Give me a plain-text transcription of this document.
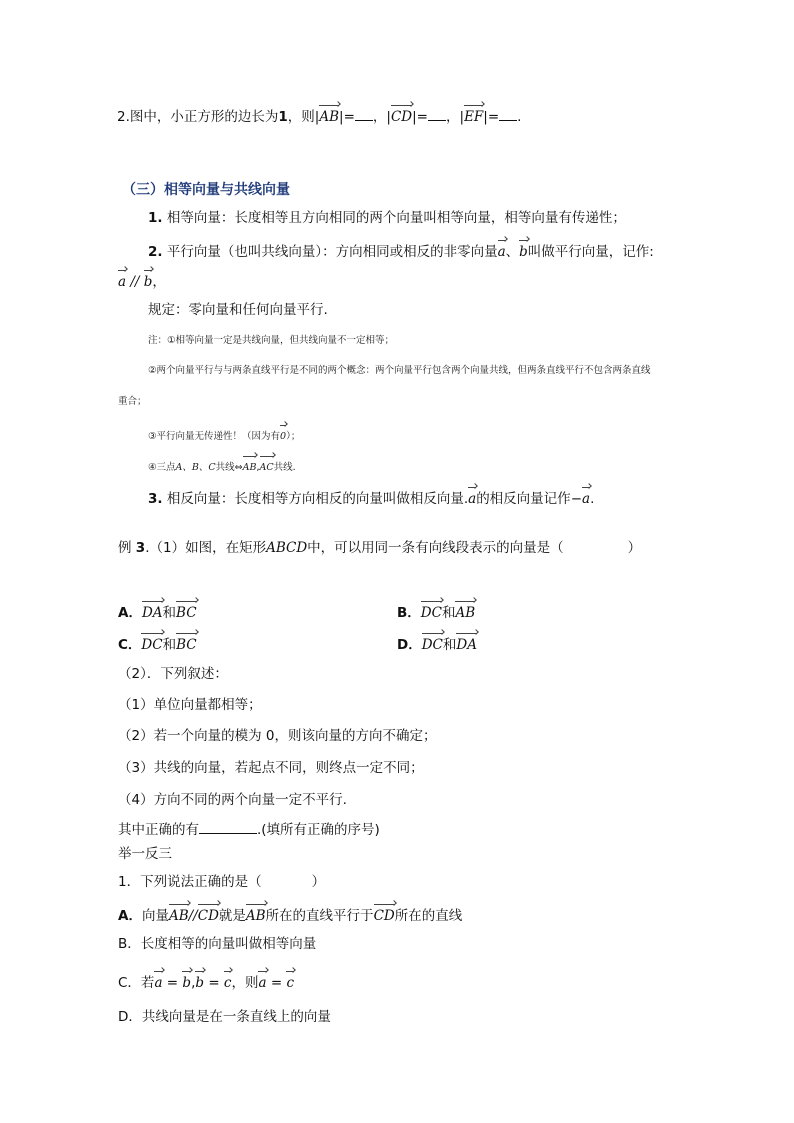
2.图中，小正方形的边长为1，则|AB|= ，|CD|= ，|EF|= .
（三）相等向量与共线向量
1. 相等向量：长度相等且方向相同的两个向量叫相等向量，相等向量有传递性；
2. 平行向量（也叫共线向量）：方向相同或相反的非零向量a、b叫做平行向量，记作:
a // b，
规定：零向量和任何向量平行.
注：①相等向量一定是共线向量，但共线向量不一定相等；
②两个向量平行与与两条直线平行是不同的两个概念：两个向量平行包含两个向量共线，但两条直线平行不包含两条直线
重合；
③平行向量无传递性！（因为有0）；
④三点A、B、C共线⇔AB,AC共线.
3. 相反向量：长度相等方向相反的向量叫做相反向量.a的相反向量记作−a.
例 3.（1）如图，在矩形ABCD中，可以用同一条有向线段表示的向量是（	）
A．DA和BC	B．DC和AB
C．DC和BC	D．DC和DA
（2）．下列叙述：
（1）单位向量都相等；
（2）若一个向量的模为 0，则该向量的方向不确定；
（3）共线的向量，若起点不同，则终点一定不同；
（4）方向不同的两个向量一定不平行.
其中正确的有	.(填所有正确的序号)
举一反三
1．下列说法正确的是（	）
A．向量AB//CD就是AB所在的直线平行于CD所在的直线
B．长度相等的向量叫做相等向量
C．若a = b,b = c，则a = c
D．共线向量是在一条直线上的向量
